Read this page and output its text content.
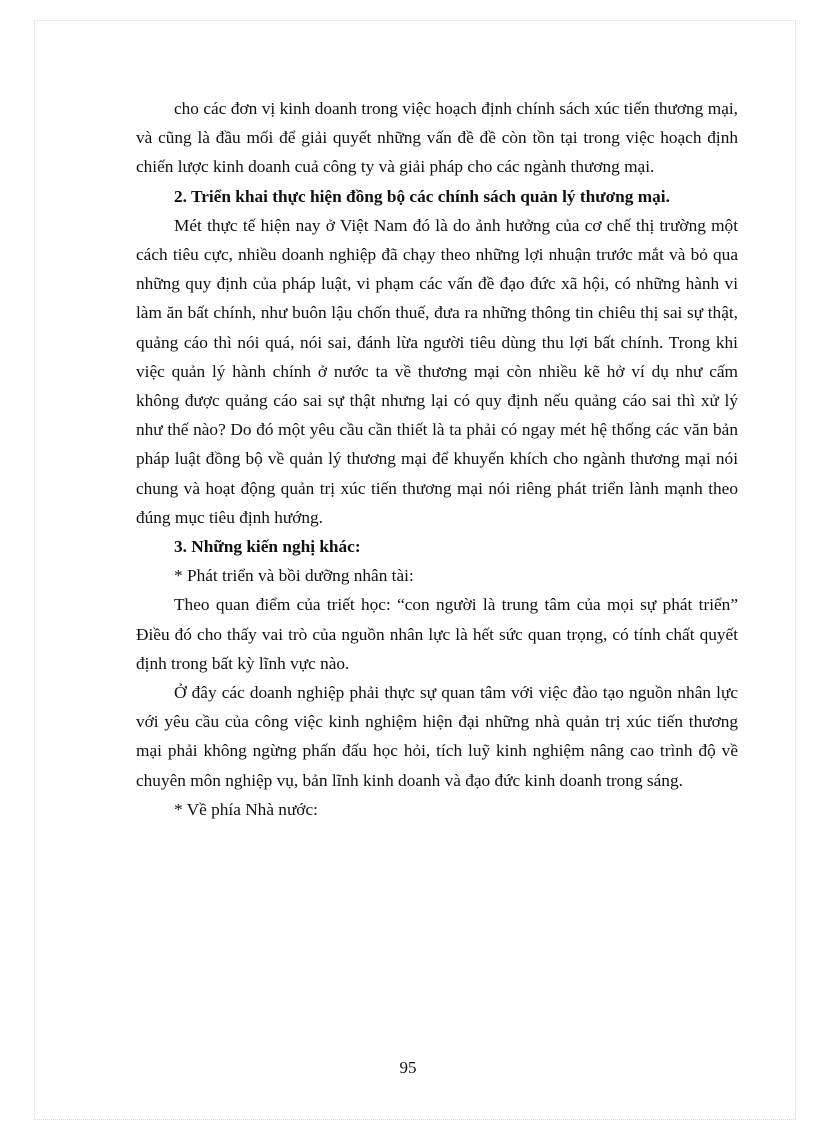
cho các đơn vị kinh doanh trong việc hoạch định chính sách xúc tiến thương mại, và cũng là đầu mối để giải quyết những vấn đề đề còn tồn tại trong việc hoạch định chiến lược kinh doanh cuả công ty và giải pháp cho các ngành thương mại.

2. Triển khai thực hiện đồng bộ các chính sách quản lý thương mại.

Mét thực tế hiện nay ở Việt Nam đó là do ảnh hưởng của cơ chế thị trường một cách tiêu cực, nhiều doanh nghiệp đã chạy theo những lợi nhuận trước mắt và bỏ qua những quy định của pháp luật, vi phạm các vấn đề đạo đức xã hội, có những hành vi làm ăn bất chính, như buôn lậu chốn thuế, đưa ra những thông tin chiêu thị sai sự thật, quảng cáo thì nói quá, nói sai, đánh lừa người tiêu dùng thu lợi bất chính. Trong khi việc quản lý hành chính ở nước ta về thương mại còn nhiều kẽ hở ví dụ như cấm không được quảng cáo sai sự thật nhưng lại có quy định nếu quảng cáo sai thì xử lý như thế nào? Do đó một yêu cầu cần thiết là ta phải có ngay mét hệ thống các văn bản pháp luật đồng bộ về quản lý thương mại để khuyến khích cho ngành thương mại nói chung và hoạt động quản trị xúc tiến thương mại nói riêng phát triển lành mạnh theo đúng mục tiêu định hướng.

3. Những kiến nghị khác:

* Phát triển và bồi dưỡng nhân tài:

Theo quan điểm của triết học: “con người là trung tâm của mọi sự phát triển” Điều đó cho thấy vai trò của nguồn nhân lực là hết sức quan trọng, có tính chất quyết định trong bất kỳ lĩnh vực nào.

Ở đây các doanh nghiệp phải thực sự quan tâm với việc đào tạo nguồn nhân lực với yêu cầu của công việc kinh nghiệm hiện đại những nhà quản trị xúc tiến thương mại phải không ngừng phấn đấu học hỏi, tích luỹ kinh nghiệm nâng cao trình độ về chuyên môn nghiệp vụ, bản lĩnh kinh doanh và đạo đức kinh doanh trong sáng.

* Về phía Nhà nước:

95
